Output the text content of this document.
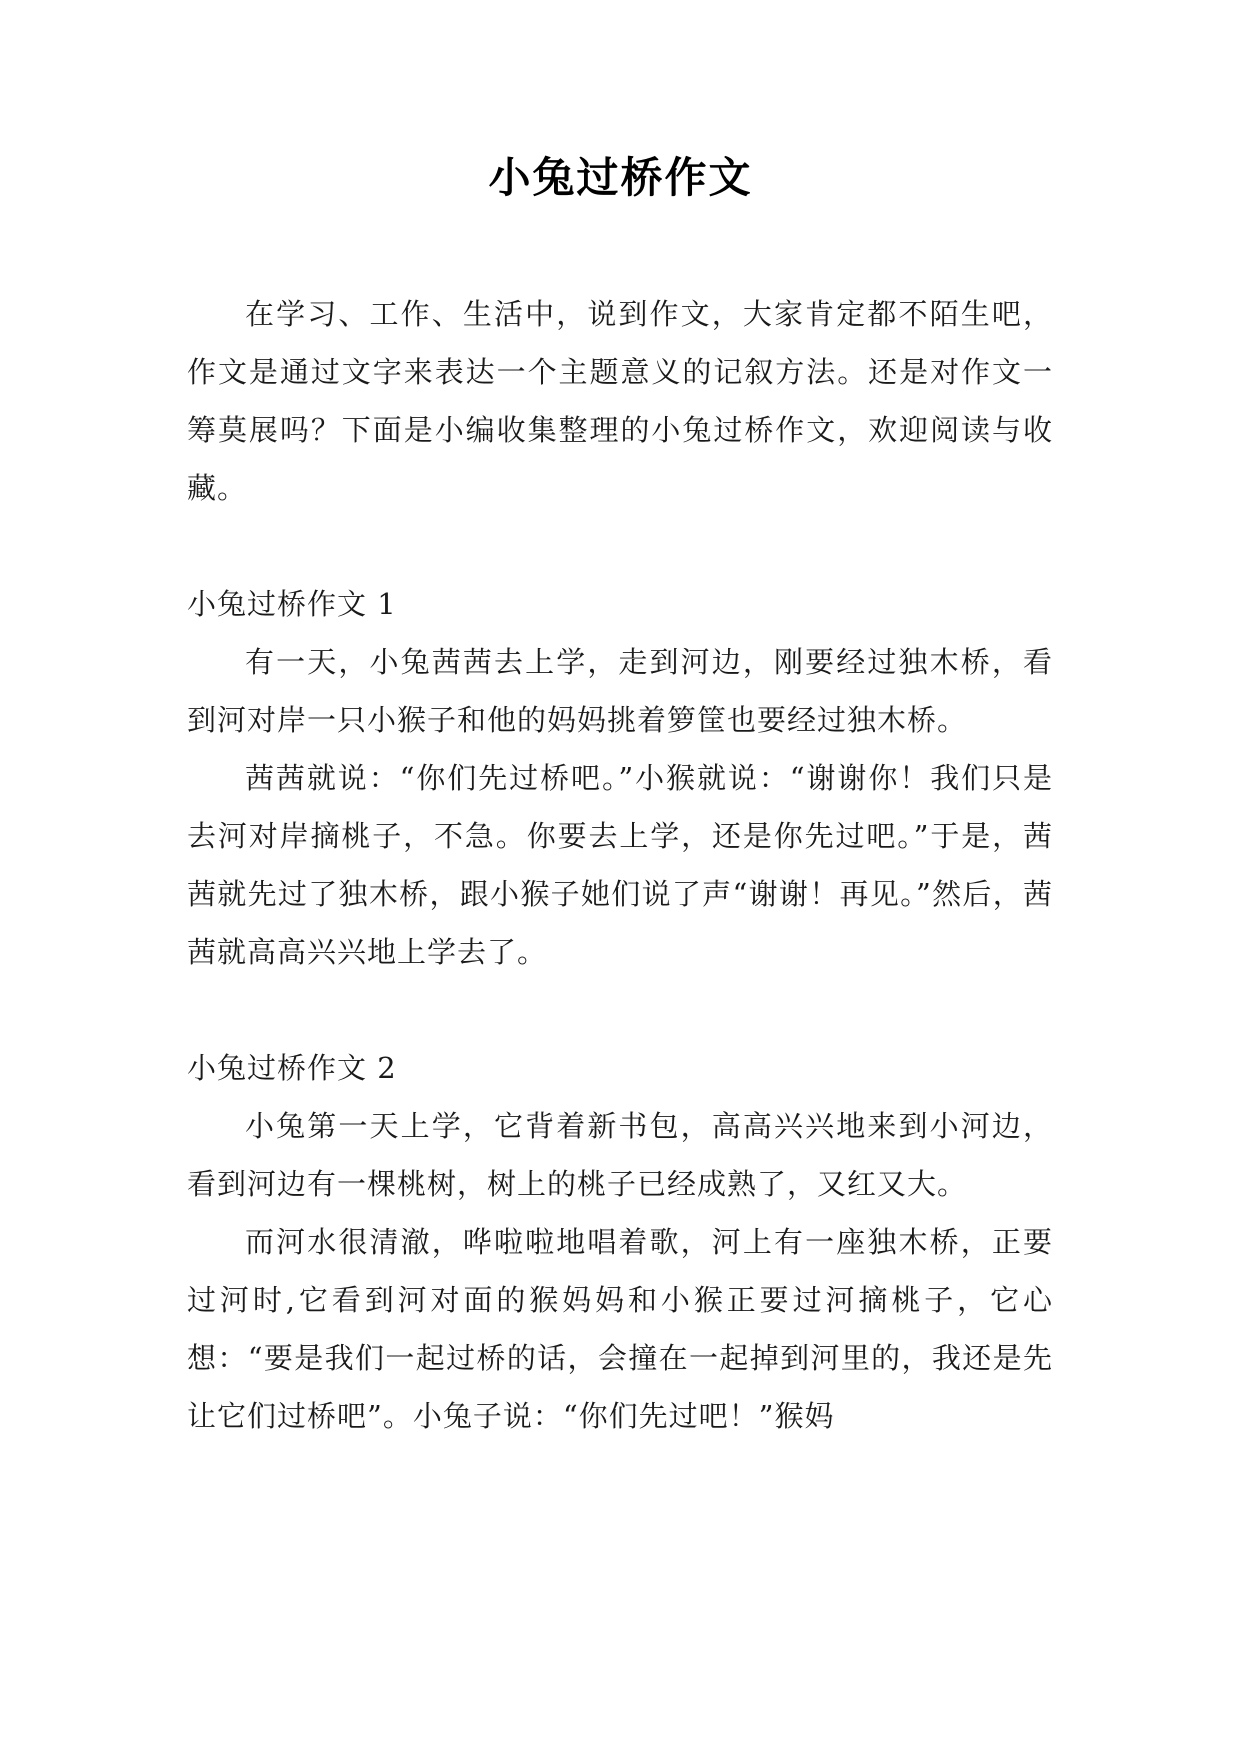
小兔过桥作文

在学习、工作、生活中，说到作文，大家肯定都不陌生吧，作文是通过文字来表达一个主题意义的记叙方法。还是对作文一筹莫展吗？下面是小编收集整理的小兔过桥作文，欢迎阅读与收藏。

小兔过桥作文 1

有一天，小兔茜茜去上学，走到河边，刚要经过独木桥，看到河对岸一只小猴子和他的妈妈挑着箩筐也要经过独木桥。

茜茜就说：“你们先过桥吧。”小猴就说：“谢谢你！我们只是去河对岸摘桃子，不急。你要去上学，还是你先过吧。”于是，茜茜就先过了独木桥，跟小猴子她们说了声“谢谢！再见。”然后，茜茜就高高兴兴地上学去了。

小兔过桥作文 2

小兔第一天上学，它背着新书包，高高兴兴地来到小河边，看到河边有一棵桃树，树上的桃子已经成熟了，又红又大。

而河水很清澈，哗啦啦地唱着歌，河上有一座独木桥，正要过河时,它看到河对面的猴妈妈和小猴正要过河摘桃子，它心想：“要是我们一起过桥的话，会撞在一起掉到河里的，我还是先让它们过桥吧”。小兔子说：“你们先过吧！”猴妈
